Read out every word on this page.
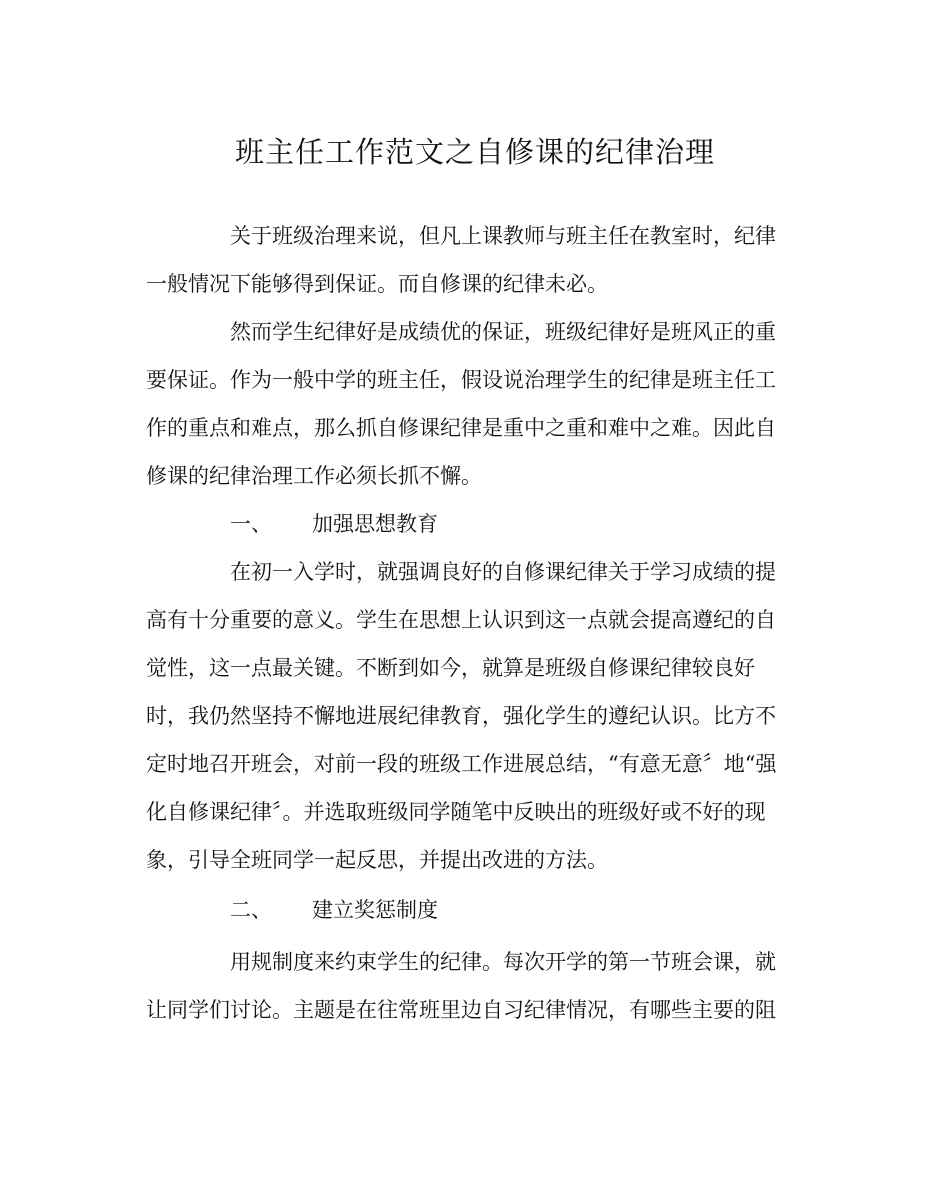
班主任工作范文之自修课的纪律治理
关于班级治理来说，但凡上课教师与班主任在教室时，纪律
一般情况下能够得到保证。而自修课的纪律未必。
然而学生纪律好是成绩优的保证，班级纪律好是班风正的重
要保证。作为一般中学的班主任，假设说治理学生的纪律是班主任工
作的重点和难点，那么抓自修课纪律是重中之重和难中之难。因此自
修课的纪律治理工作必须长抓不懈。
一、 加强思想教育
在初一入学时，就强调良好的自修课纪律关于学习成绩的提
高有十分重要的意义。学生在思想上认识到这一点就会提高遵纪的自
觉性，这一点最关键。不断到如今，就算是班级自修课纪律较良好
时，我仍然坚持不懈地进展纪律教育，强化学生的遵纪认识。比方不
定时地召开班会，对前一段的班级工作进展总结，“有意无意〞地“强
化自修课纪律〞。并选取班级同学随笔中反映出的班级好或不好的现
象，引导全班同学一起反思，并提出改进的方法。
二、 建立奖惩制度
用规制度来约束学生的纪律。每次开学的第一节班会课，就
让同学们讨论。主题是在往常班里边自习纪律情况，有哪些主要的阻
